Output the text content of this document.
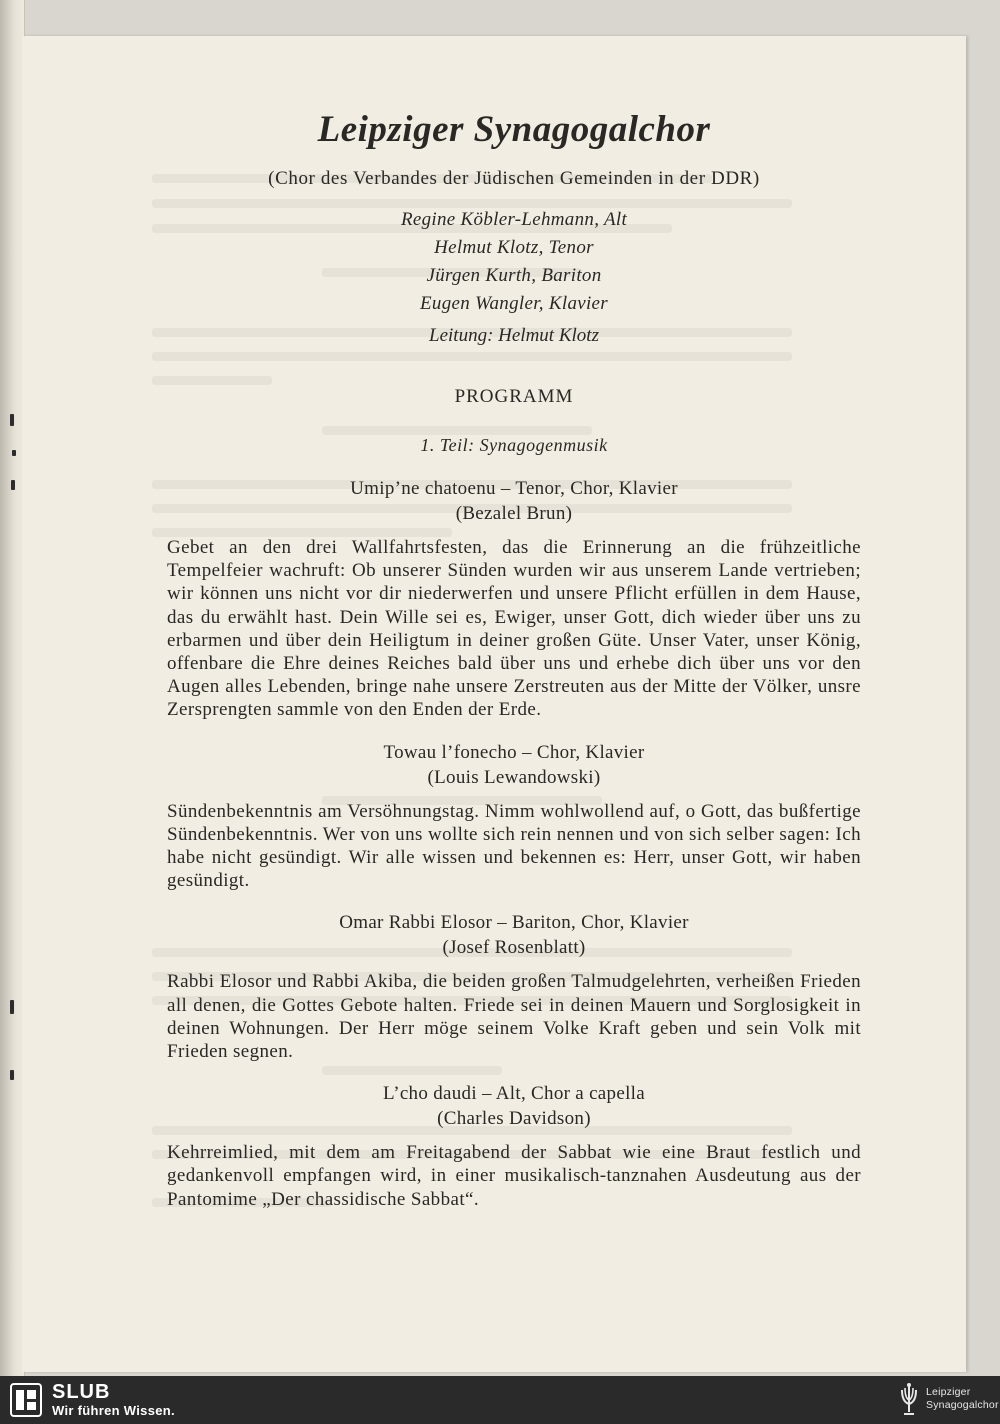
Leipziger Synagogalchor
(Chor des Verbandes der Jüdischen Gemeinden in der DDR)
Regine Köbler-Lehmann, Alt
Helmut Klotz, Tenor
Jürgen Kurth, Bariton
Eugen Wangler, Klavier
Leitung: Helmut Klotz
PROGRAMM
1. Teil: Synagogenmusik
Umip’ne chatoenu – Tenor, Chor, Klavier
(Bezalel Brun)
Gebet an den drei Wallfahrtsfesten, das die Erinnerung an die frühzeitliche Tempelfeier wachruft: Ob unserer Sünden wurden wir aus unserem Lande vertrieben; wir können uns nicht vor dir niederwerfen und unsere Pflicht erfüllen in dem Hause, das du erwählt hast. Dein Wille sei es, Ewiger, unser Gott, dich wieder über uns zu erbarmen und über dein Heiligtum in deiner großen Güte. Unser Vater, unser König, offenbare die Ehre deines Reiches bald über uns und erhebe dich über uns vor den Augen alles Lebenden, bringe nahe unsere Zerstreuten aus der Mitte der Völker, unsre Zersprengten sammle von den Enden der Erde.
Towau l’fonecho – Chor, Klavier
(Louis Lewandowski)
Sündenbekenntnis am Versöhnungstag. Nimm wohlwollend auf, o Gott, das bußfertige Sündenbekenntnis. Wer von uns wollte sich rein nennen und von sich selber sagen: Ich habe nicht gesündigt. Wir alle wissen und bekennen es: Herr, unser Gott, wir haben gesündigt.
Omar Rabbi Elosor – Bariton, Chor, Klavier
(Josef Rosenblatt)
Rabbi Elosor und Rabbi Akiba, die beiden großen Talmudgelehrten, verheißen Frieden all denen, die Gottes Gebote halten. Friede sei in deinen Mauern und Sorglosigkeit in deinen Wohnungen. Der Herr möge seinem Volke Kraft geben und sein Volk mit Frieden segnen.
L’cho daudi – Alt, Chor a capella
(Charles Davidson)
Kehrreimlied, mit dem am Freitagabend der Sabbat wie eine Braut festlich und gedankenvoll empfangen wird, in einer musikalisch-tanznahen Ausdeutung aus der Pantomime „Der chassidische Sabbat“.
SLUB
Wir führen Wissen.
Leipziger
Synagogalchor
